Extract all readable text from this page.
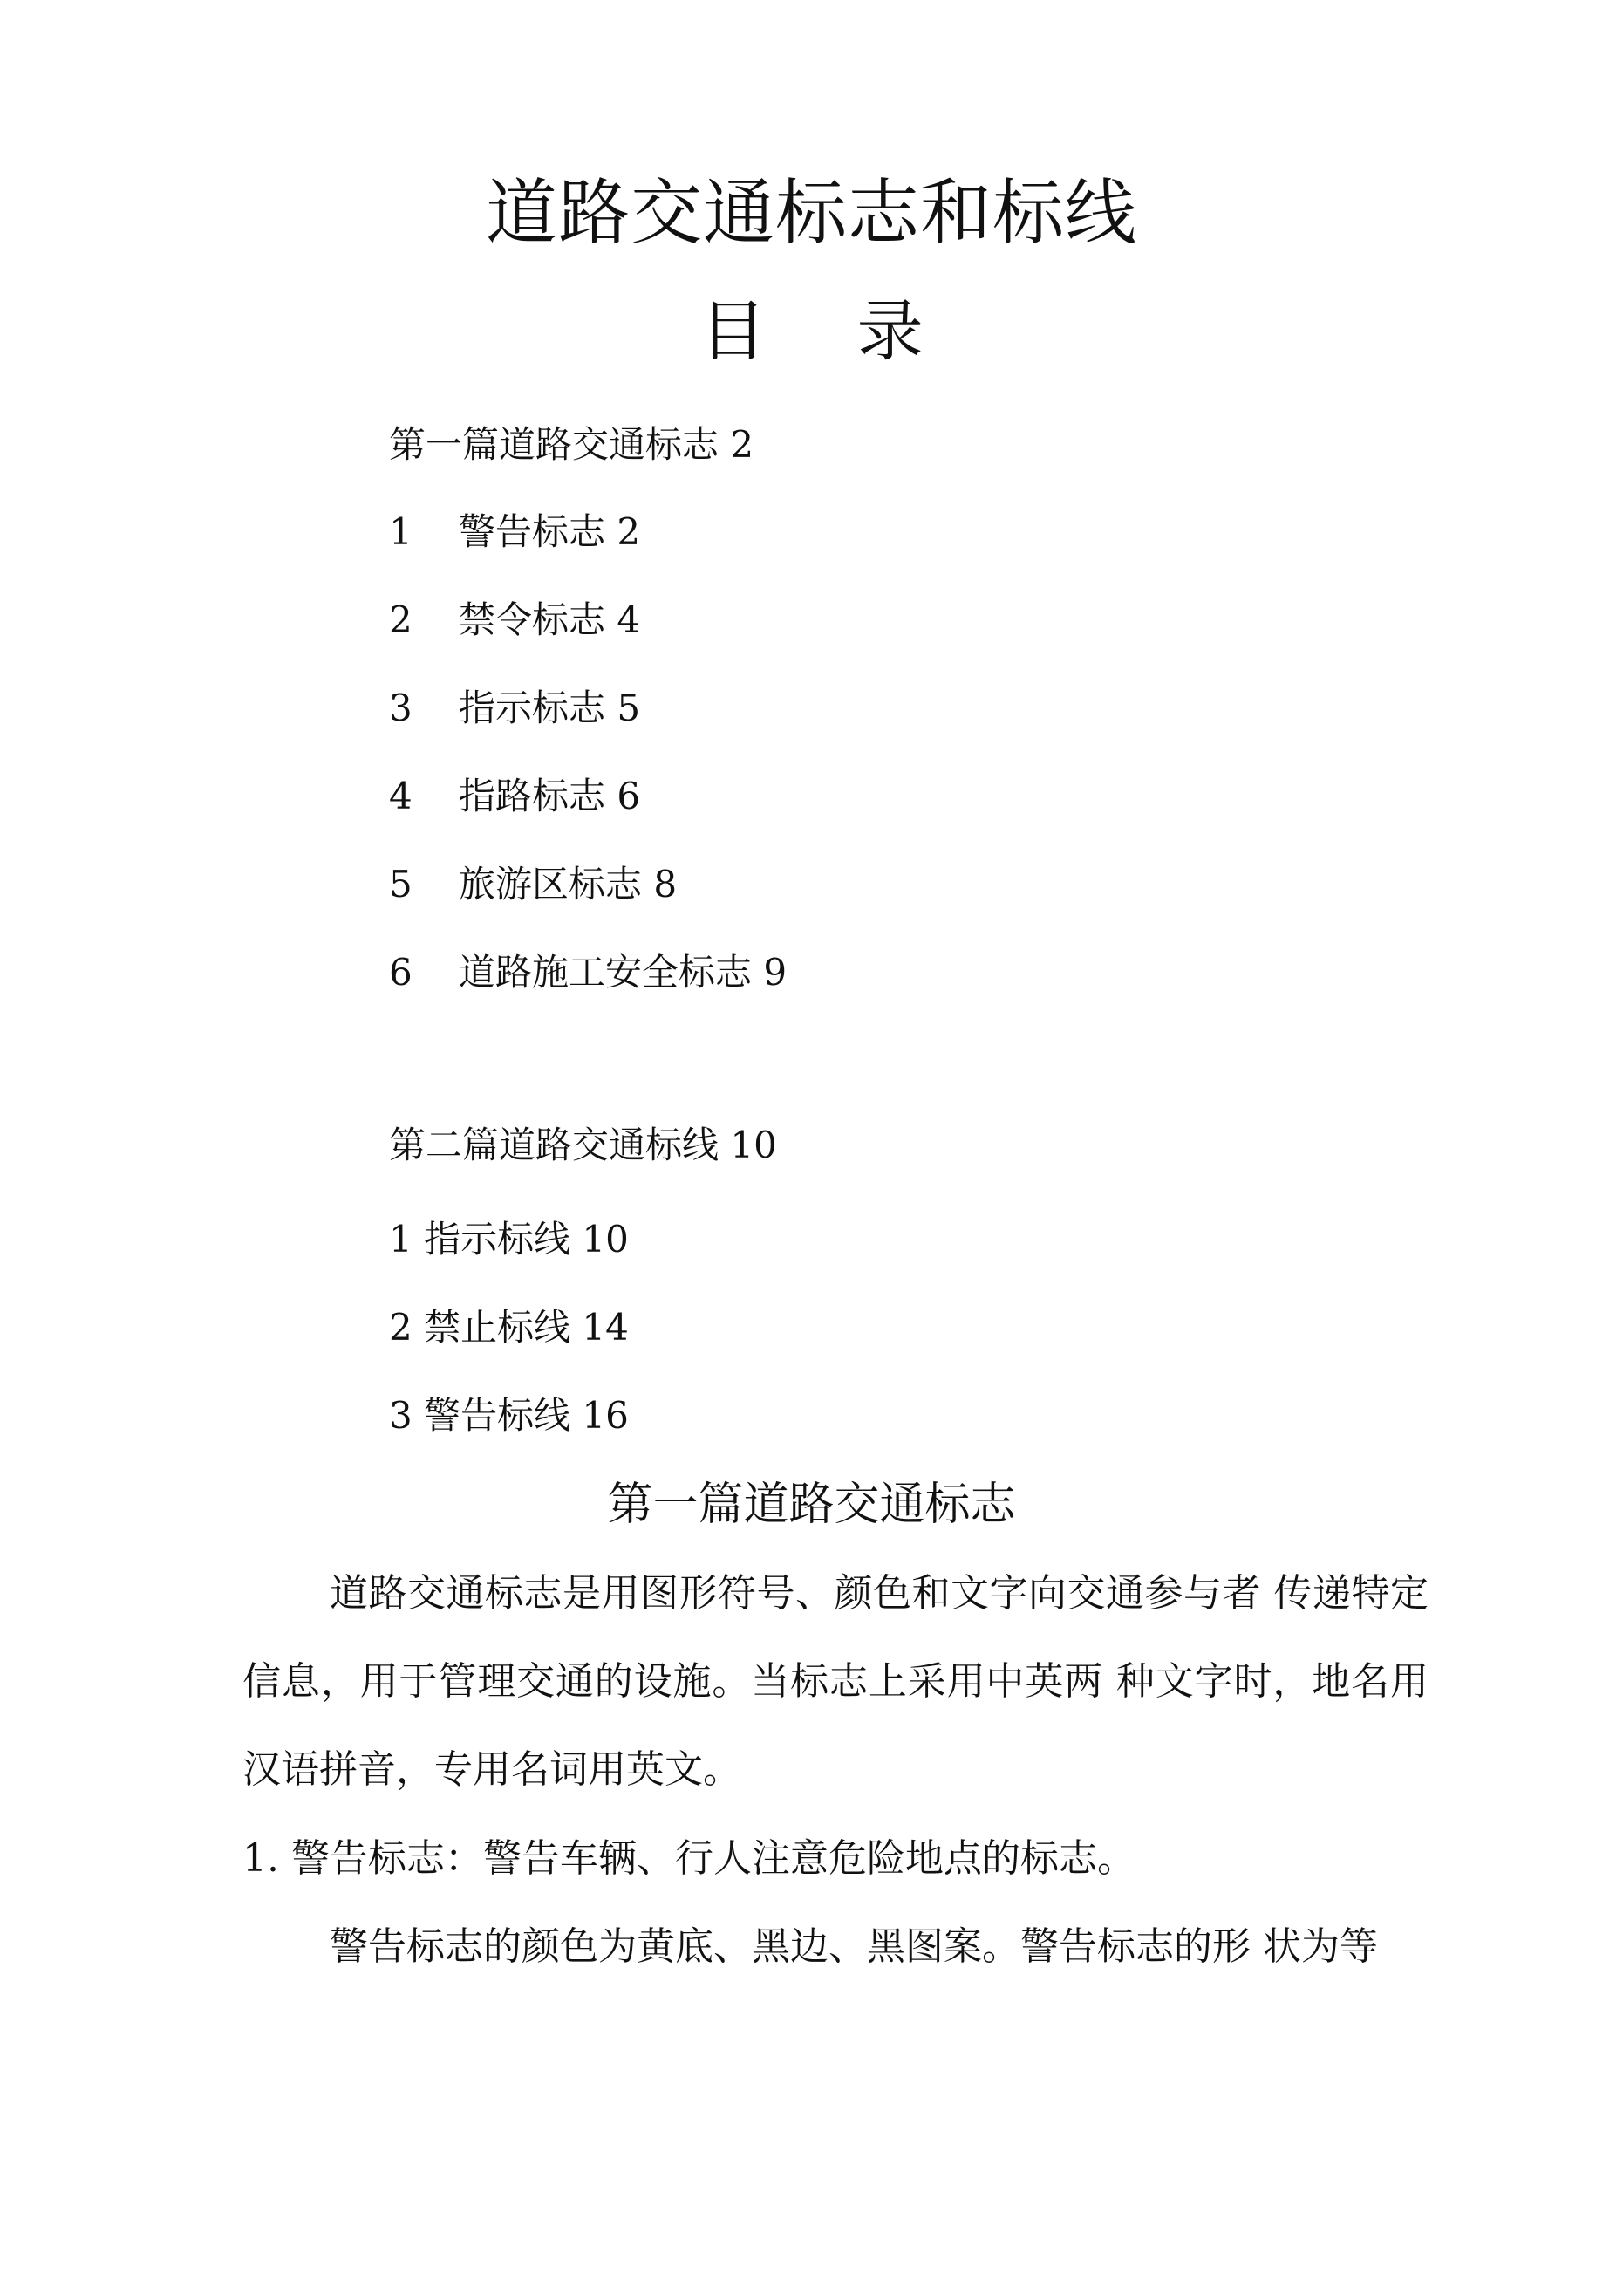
道路交通标志和标线
目 录
第一篇道路交通标志 2
1 警告标志 2
2 禁令标志 4
3 指示标志 5
4 指路标志 6
5 旅游区标志 8
6 道路施工安全标志 9
第二篇道路交通标线 10
1 指示标线 10
2 禁止标线 14
3 警告标线 16
第一篇道路交通标志

道路交通标志是用图形符号、颜色和文字向交通参与者 传递特定信息，用于管理交通的设施。当标志上采用中英两 种文字时，地名用汉语拼音，专用名词用英文。

1. 警告标志：警告车辆、行人注意危险地点的标志。

警告标志的颜色为黄底、黑边、黑图案。警告标志的形 状为等
